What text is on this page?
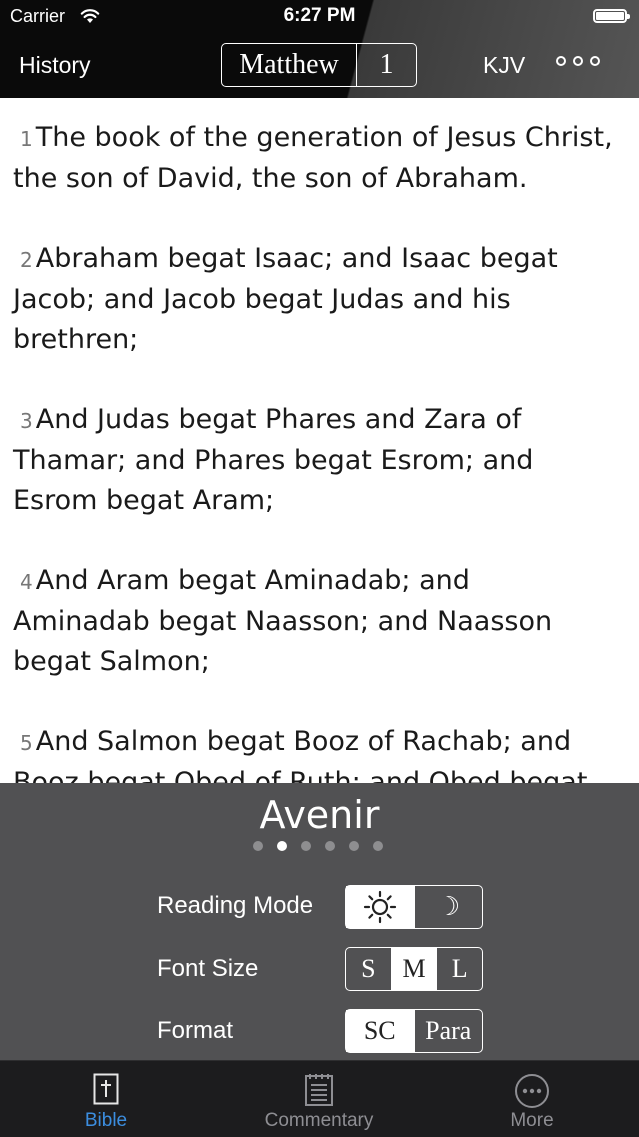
Carrier	6:27 PM
History	Matthew	1	KJV
1 The book of the generation of Jesus Christ, the son of David, the son of Abraham.
2 Abraham begat Isaac; and Isaac begat Jacob; and Jacob begat Judas and his brethren;
3 And Judas begat Phares and Zara of Thamar; and Phares begat Esrom; and Esrom begat Aram;
4 And Aram begat Aminadab; and Aminadab begat Naasson; and Naasson begat Salmon;
5 And Salmon begat Booz of Rachab; and
Avenir
Reading Mode	☽
Font Size	S	M	L
Format	SC	Para
Bible	Commentary	More
